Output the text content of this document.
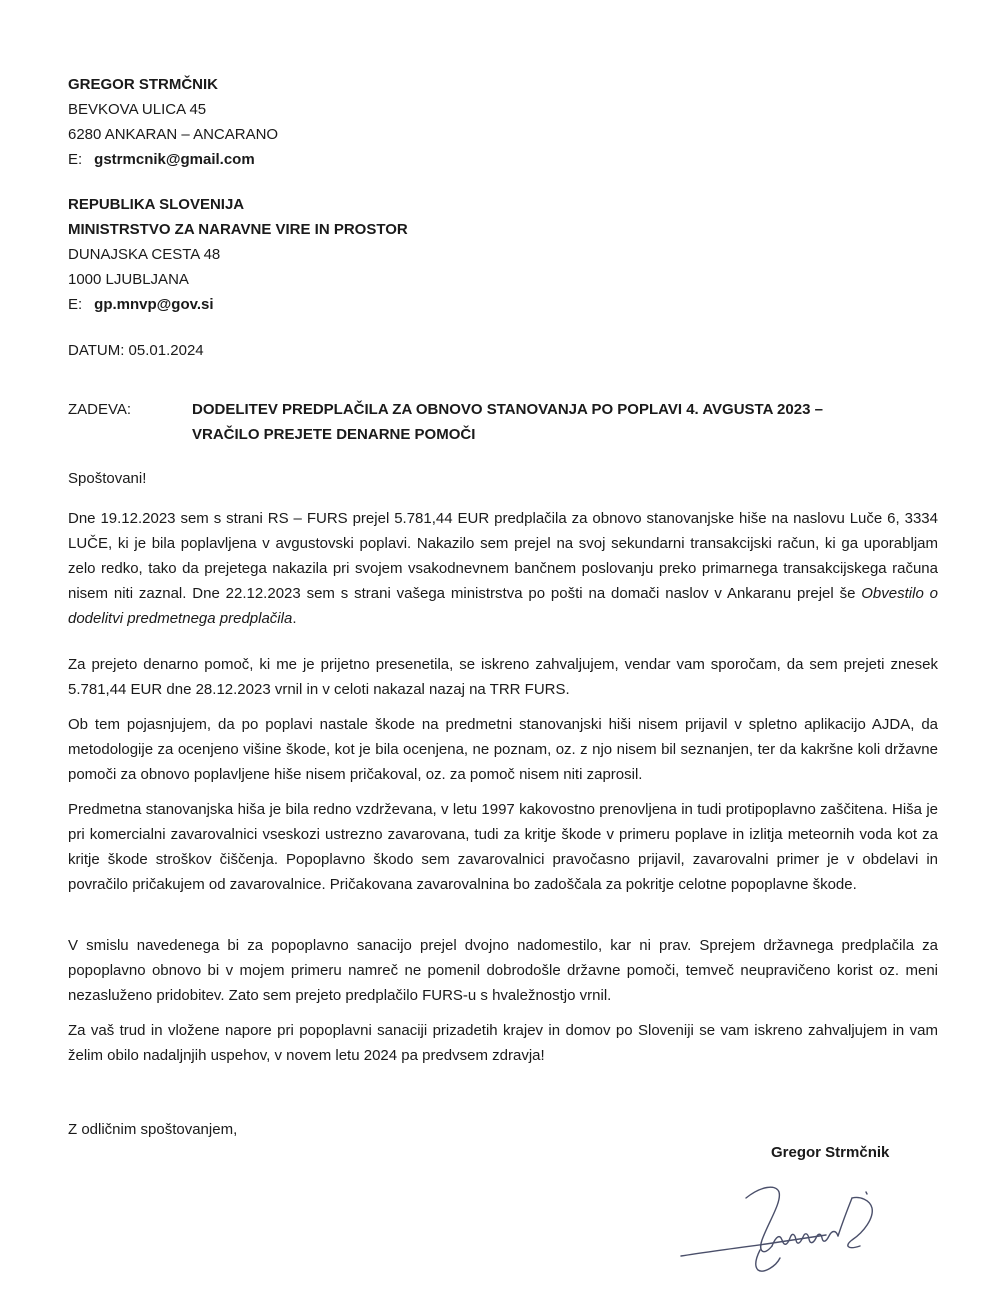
GREGOR STRMČNIK
BEVKOVA ULICA 45
6280 ANKARAN – ANCARANO
E: gstrmcnik@gmail.com
REPUBLIKA SLOVENIJA
MINISTRSTVO ZA NARAVNE VIRE IN PROSTOR
DUNAJSKA CESTA 48
1000 LJUBLJANA
E: gp.mnvp@gov.si
DATUM: 05.01.2024
ZADEVA:	DODELITEV PREDPLAČILA ZA OBNOVO STANOVANJA PO POPLAVI 4. AVGUSTA 2023 –
VRAČILO PREJETE DENARNE POMOČI
Spoštovani!

Dne 19.12.2023 sem s strani RS – FURS prejel 5.781,44 EUR predplačila za obnovo stanovanjske hiše na naslovu Luče 6, 3334 LUČE, ki je bila poplavljena v avgustovski poplavi. Nakazilo sem prejel na svoj sekundarni transakcijski račun, ki ga uporabljam zelo redko, tako da prejetega nakazila pri svojem vsakodnevnem bančnem poslovanju preko primarnega transakcijskega računa nisem niti zaznal. Dne 22.12.2023 sem s strani vašega ministrstva po pošti na domači naslov v Ankaranu prejel še Obvestilo o dodelitvi predmetnega predplačila.

Za prejeto denarno pomoč, ki me je prijetno presenetila, se iskreno zahvaljujem, vendar vam sporočam, da sem prejeti znesek 5.781,44 EUR dne 28.12.2023 vrnil in v celoti nakazal nazaj na TRR FURS.

Ob tem pojasnjujem, da po poplavi nastale škode na predmetni stanovanjski hiši nisem prijavil v spletno aplikacijo AJDA, da metodologije za ocenjeno višine škode, kot je bila ocenjena, ne poznam, oz. z njo nisem bil seznanjen, ter da kakršne koli državne pomoči za obnovo poplavljene hiše nisem pričakoval, oz. za pomoč nisem niti zaprosil.

Predmetna stanovanjska hiša je bila redno vzdrževana, v letu 1997 kakovostno prenovljena in tudi protipoplavno zaščitena. Hiša je pri komercialni zavarovalnici vseskozi ustrezno zavarovana, tudi za kritje škode v primeru poplave in izlitja meteornih voda kot za kritje škode stroškov čiščenja. Popoplavno škodo sem zavarovalnici pravočasno prijavil, zavarovalni primer je v obdelavi in povračilo pričakujem od zavarovalnice. Pričakovana zavarovalnina bo zadoščala za pokritje celotne popoplavne škode.

V smislu navedenega bi za popoplavno sanacijo prejel dvojno nadomestilo, kar ni prav. Sprejem državnega predplačila za popoplavno obnovo bi v mojem primeru namreč ne pomenil dobrodošle državne pomoči, temveč neupravičeno korist oz. meni nezasluženo pridobitev. Zato sem prejeto predplačilo FURS-u s hvaležnostjo vrnil.

Za vaš trud in vložene napore pri popoplavni sanaciji prizadetih krajev in domov po Sloveniji se vam iskreno zahvaljujem in vam želim obilo nadaljnjih uspehov, v novem letu 2024 pa predvsem zdravja!

Z odličnim spoštovanjem,
Gregor Strmčnik
